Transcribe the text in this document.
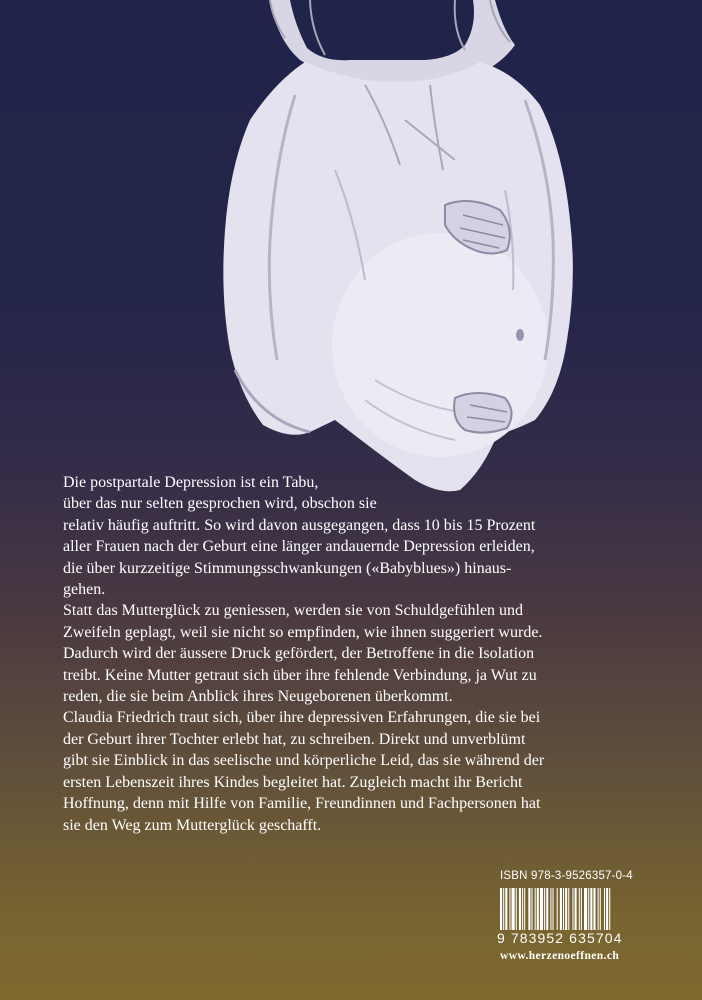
Die postpartale Depression ist ein Tabu,
über das nur selten gesprochen wird, obschon sie
relativ häufig auftritt. So wird davon ausgegangen, dass 10 bis 15 Prozent
aller Frauen nach der Geburt eine länger andauernde Depression erleiden,
die über kurzzeitige Stimmungsschwankungen («Babyblues») hinaus-
gehen.
Statt das Mutterglück zu geniessen, werden sie von Schuldgefühlen und
Zweifeln geplagt, weil sie nicht so empfinden, wie ihnen suggeriert wurde.
Dadurch wird der äussere Druck gefördert, der Betroffene in die Isolation
treibt. Keine Mutter getraut sich über ihre fehlende Verbindung, ja Wut zu
reden, die sie beim Anblick ihres Neugeborenen überkommt.
Claudia Friedrich traut sich, über ihre depressiven Erfahrungen, die sie bei
der Geburt ihrer Tochter erlebt hat, zu schreiben. Direkt und unverblümt
gibt sie Einblick in das seelische und körperliche Leid, das sie während der
ersten Lebenszeit ihres Kindes begleitet hat. Zugleich macht ihr Bericht
Hoffnung, denn mit Hilfe von Familie, Freundinnen und Fachpersonen hat
sie den Weg zum Mutterglück geschafft.
ISBN 978-3-9526357-0-4
9 783952 635704
www.herzenoeffnen.ch
